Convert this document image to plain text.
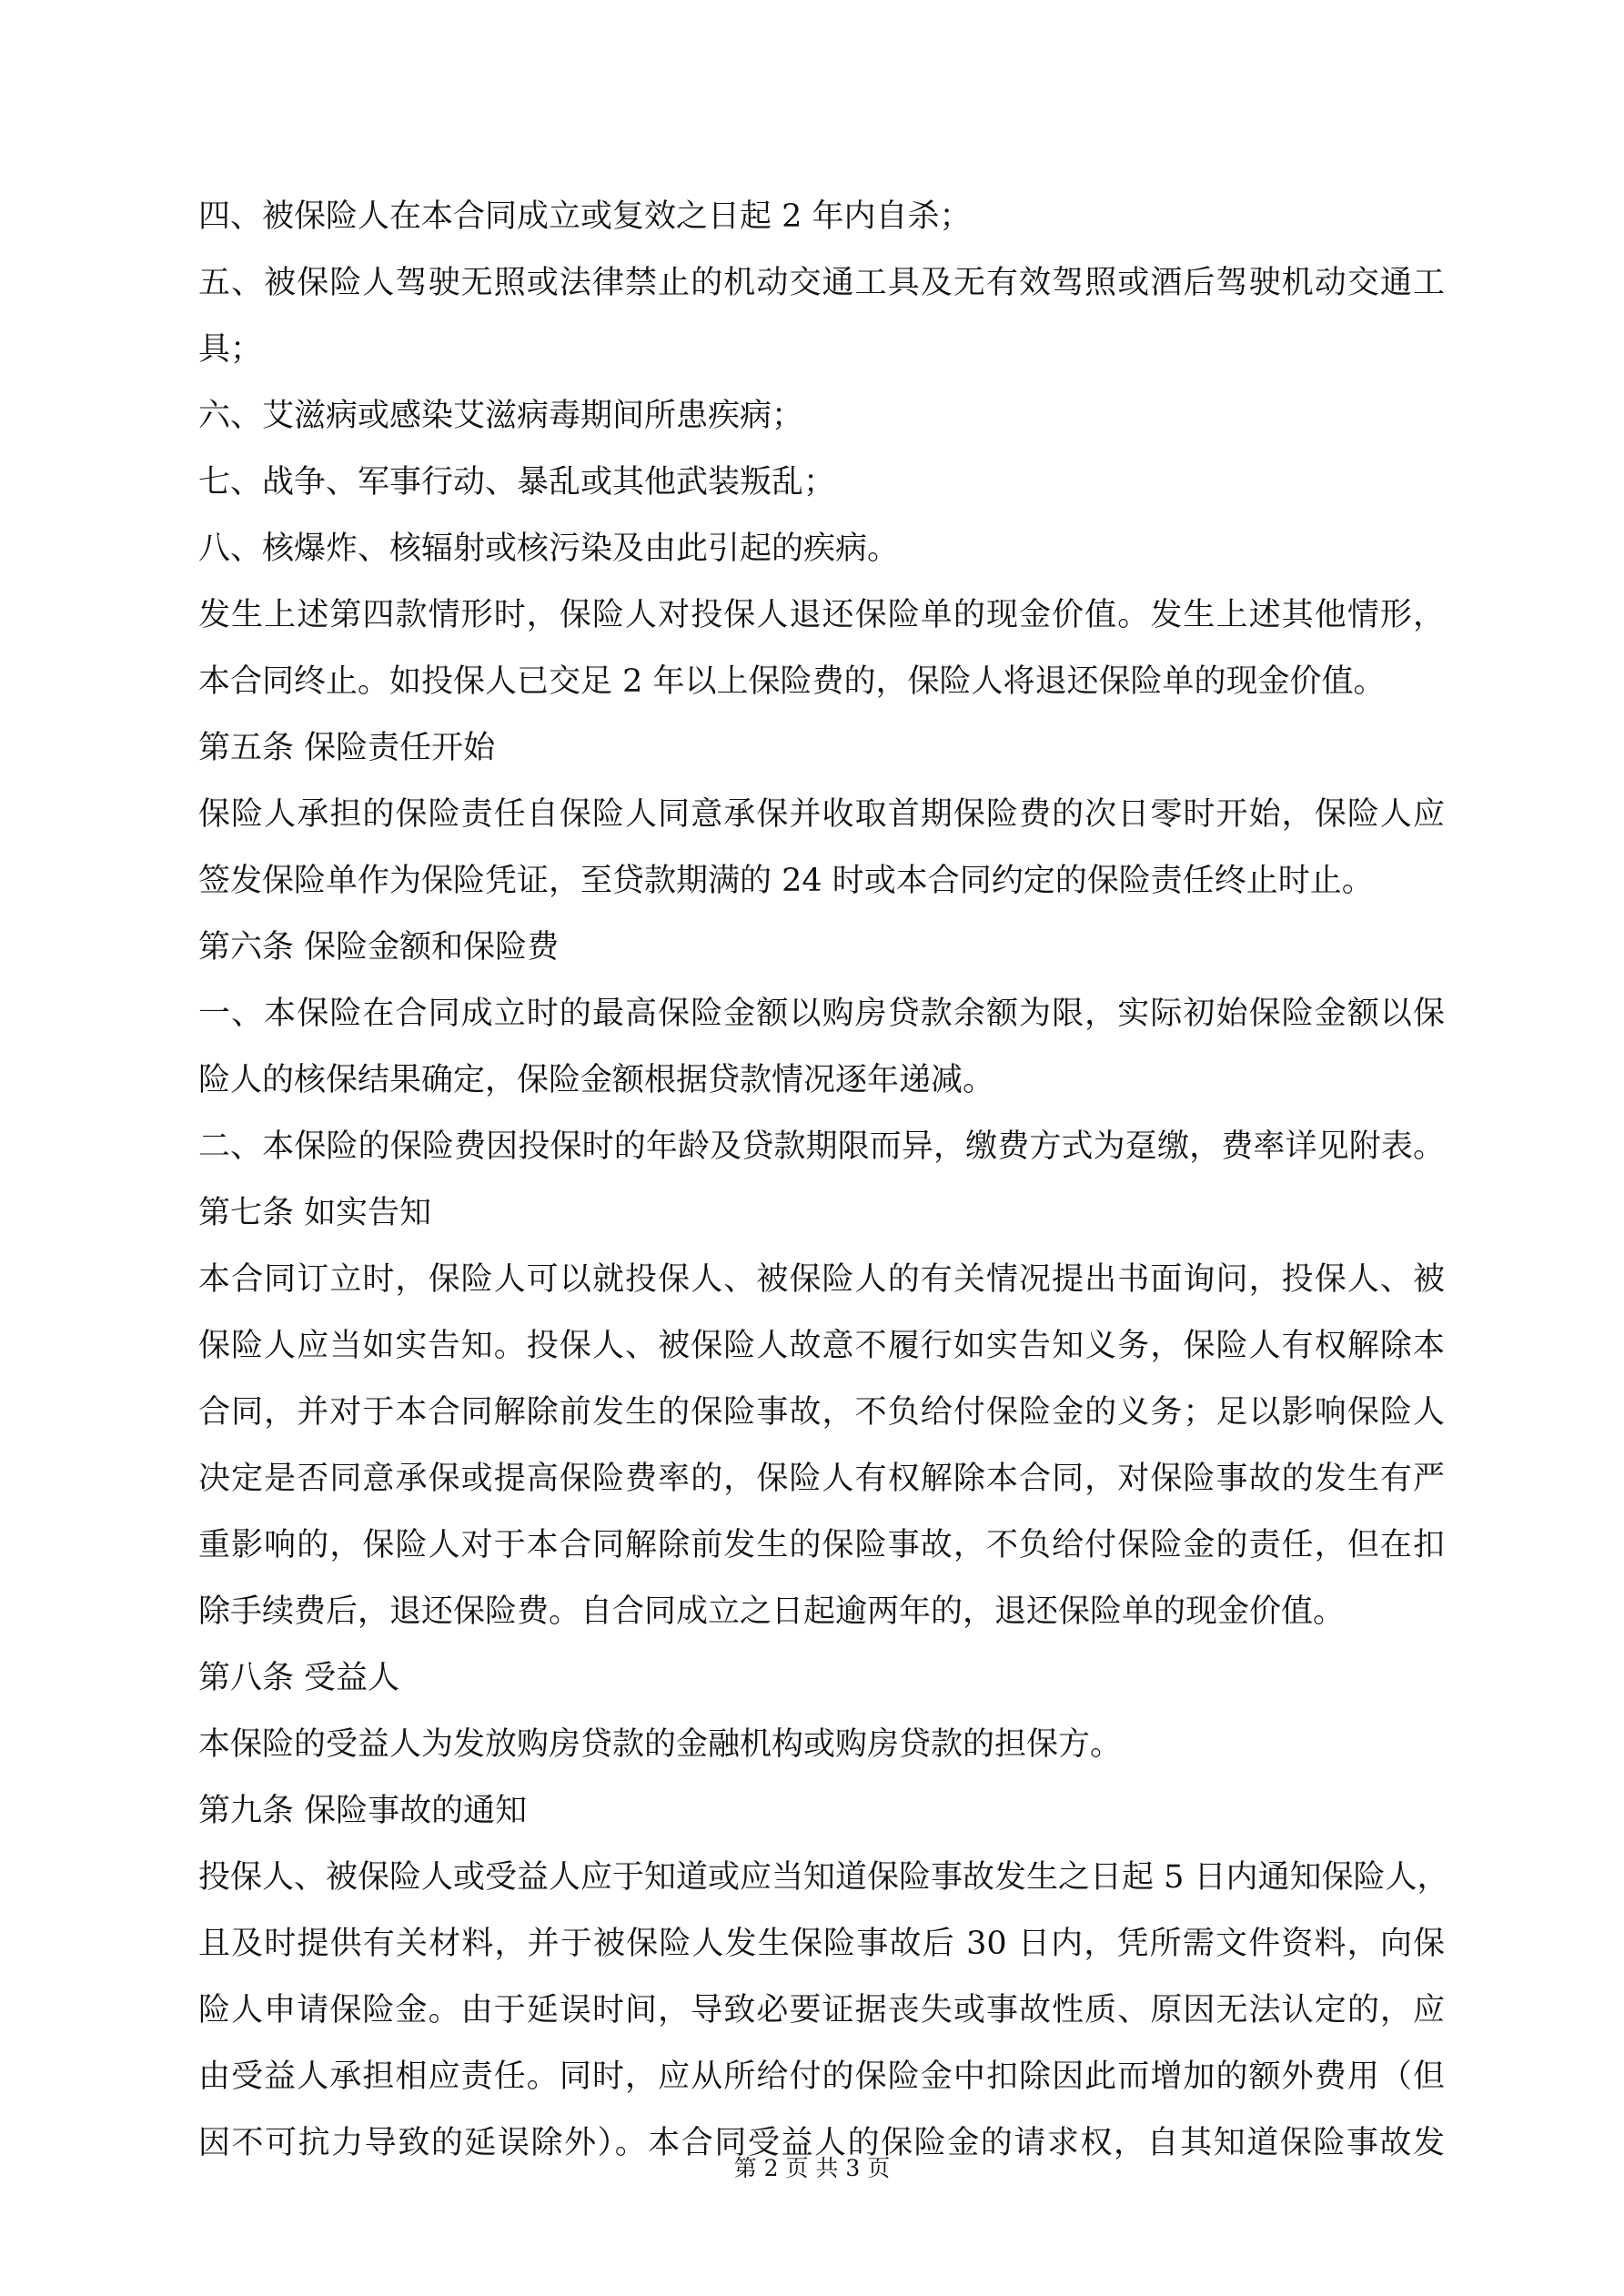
四、被保险人在本合同成立或复效之日起 2 年内自杀；
五、被保险人驾驶无照或法律禁止的机动交通工具及无有效驾照或酒后驾驶机动交通工
具；
六、艾滋病或感染艾滋病毒期间所患疾病；
七、战争、军事行动、暴乱或其他武装叛乱；
八、核爆炸、核辐射或核污染及由此引起的疾病。
发生上述第四款情形时，保险人对投保人退还保险单的现金价值。发生上述其他情形，
本合同终止。如投保人已交足 2 年以上保险费的，保险人将退还保险单的现金价值。
第五条 保险责任开始
保险人承担的保险责任自保险人同意承保并收取首期保险费的次日零时开始，保险人应
签发保险单作为保险凭证，至贷款期满的 24 时或本合同约定的保险责任终止时止。
第六条 保险金额和保险费
一、本保险在合同成立时的最高保险金额以购房贷款余额为限，实际初始保险金额以保
险人的核保结果确定，保险金额根据贷款情况逐年递减。
二、本保险的保险费因投保时的年龄及贷款期限而异，缴费方式为趸缴，费率详见附表。
第七条 如实告知
本合同订立时，保险人可以就投保人、被保险人的有关情况提出书面询问，投保人、被
保险人应当如实告知。投保人、被保险人故意不履行如实告知义务，保险人有权解除本
合同，并对于本合同解除前发生的保险事故，不负给付保险金的义务；足以影响保险人
决定是否同意承保或提高保险费率的，保险人有权解除本合同，对保险事故的发生有严
重影响的，保险人对于本合同解除前发生的保险事故，不负给付保险金的责任，但在扣
除手续费后，退还保险费。自合同成立之日起逾两年的，退还保险单的现金价值。
第八条 受益人
本保险的受益人为发放购房贷款的金融机构或购房贷款的担保方。
第九条 保险事故的通知
投保人、被保险人或受益人应于知道或应当知道保险事故发生之日起 5 日内通知保险人，
且及时提供有关材料，并于被保险人发生保险事故后 30 日内，凭所需文件资料，向保
险人申请保险金。由于延误时间，导致必要证据丧失或事故性质、原因无法认定的，应
由受益人承担相应责任。同时，应从所给付的保险金中扣除因此而增加的额外费用（但
因不可抗力导致的延误除外）。本合同受益人的保险金的请求权，自其知道保险事故发
第 2 页 共 3 页
